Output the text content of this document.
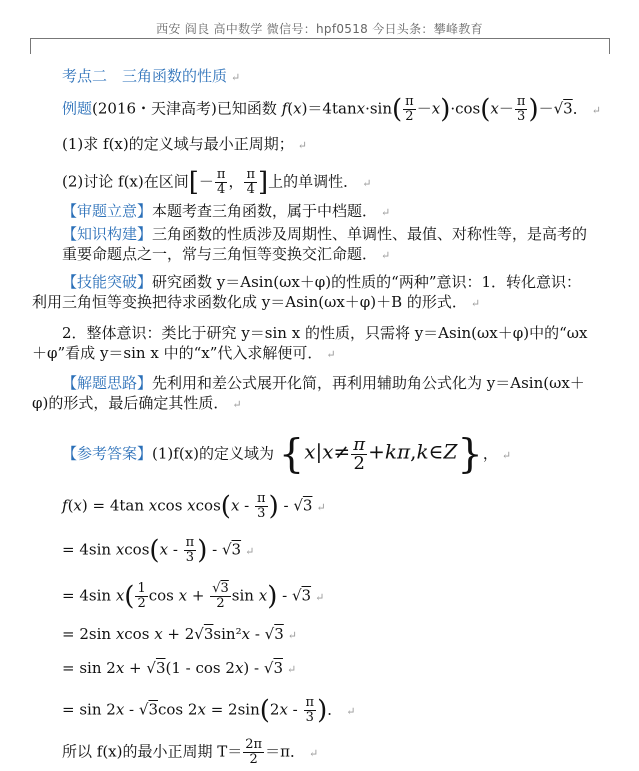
西安 阎良 高中数学 微信号：hpf0518 今日头条：攀峰教育
考点二　三角函数的性质 ↵
例题(2016・天津高考)已知函数 $f(x)=4\tan x\cdot\sin( \frac{\pi}{2} -x)\cdot\cos(x- \frac{\pi}{3} )-√3$． ↵
(1)求 f(x)的定义域与最小正周期； ↵
(2)讨论 f(x)在区间[－ $\frac{\pi}{4}$ ， $\frac{\pi}{4}$ ]上的单调性． ↵
【审题立意】本题考查三角函数，属于中档题． ↵
【知识构建】三角函数的性质涉及周期性、单调性、最值、对称性等，是高考的重要命题点之一，常与三角恒等变换交汇命题． ↵
【技能突破】研究函数 y＝Asin(ωx＋φ)的性质的“两种”意识：1．转化意识：利用三角恒等变换把待求函数化成 y＝Asin(ωx＋φ)＋B 的形式． ↵
2．整体意识：类比于研究 y＝sin x 的性质，只需将 y＝Asin(ωx＋φ)中的“ωx＋φ”看成 y＝sin x 中的“x”代入求解便可． ↵
【解题思路】先利用和差公式展开化简，再利用辅助角公式化为 y＝Asin(ωx＋φ)的形式，最后确定其性质． ↵
【参考答案】(1)f(x)的定义域为 {$x|x\ne \frac{\pi}{2}$ +kπ,k∈Z}， ↵
f(x) = 4tan xcos $xcos(x - \frac{\pi}{3}$ ) - √3 ↵
= 4sin $xcos(x - \frac{\pi}{3}$ ) - √3 ↵
= 4sin $x( \frac{1}{2}$ $\cos x + \frac{√3}{2}$ sin x) - √3 ↵
= 2sin xcos x + 2√3sin²x - √3 ↵
= sin 2x + √3(1 - cos 2x) - √3 ↵
= sin 2x - √3cos $2x = 2\sin(2x - \frac{\pi}{3}$ )． ↵
所以 f(x)的最小正周期 $T= \frac{2\pi}{2} =\pi$． ↵
